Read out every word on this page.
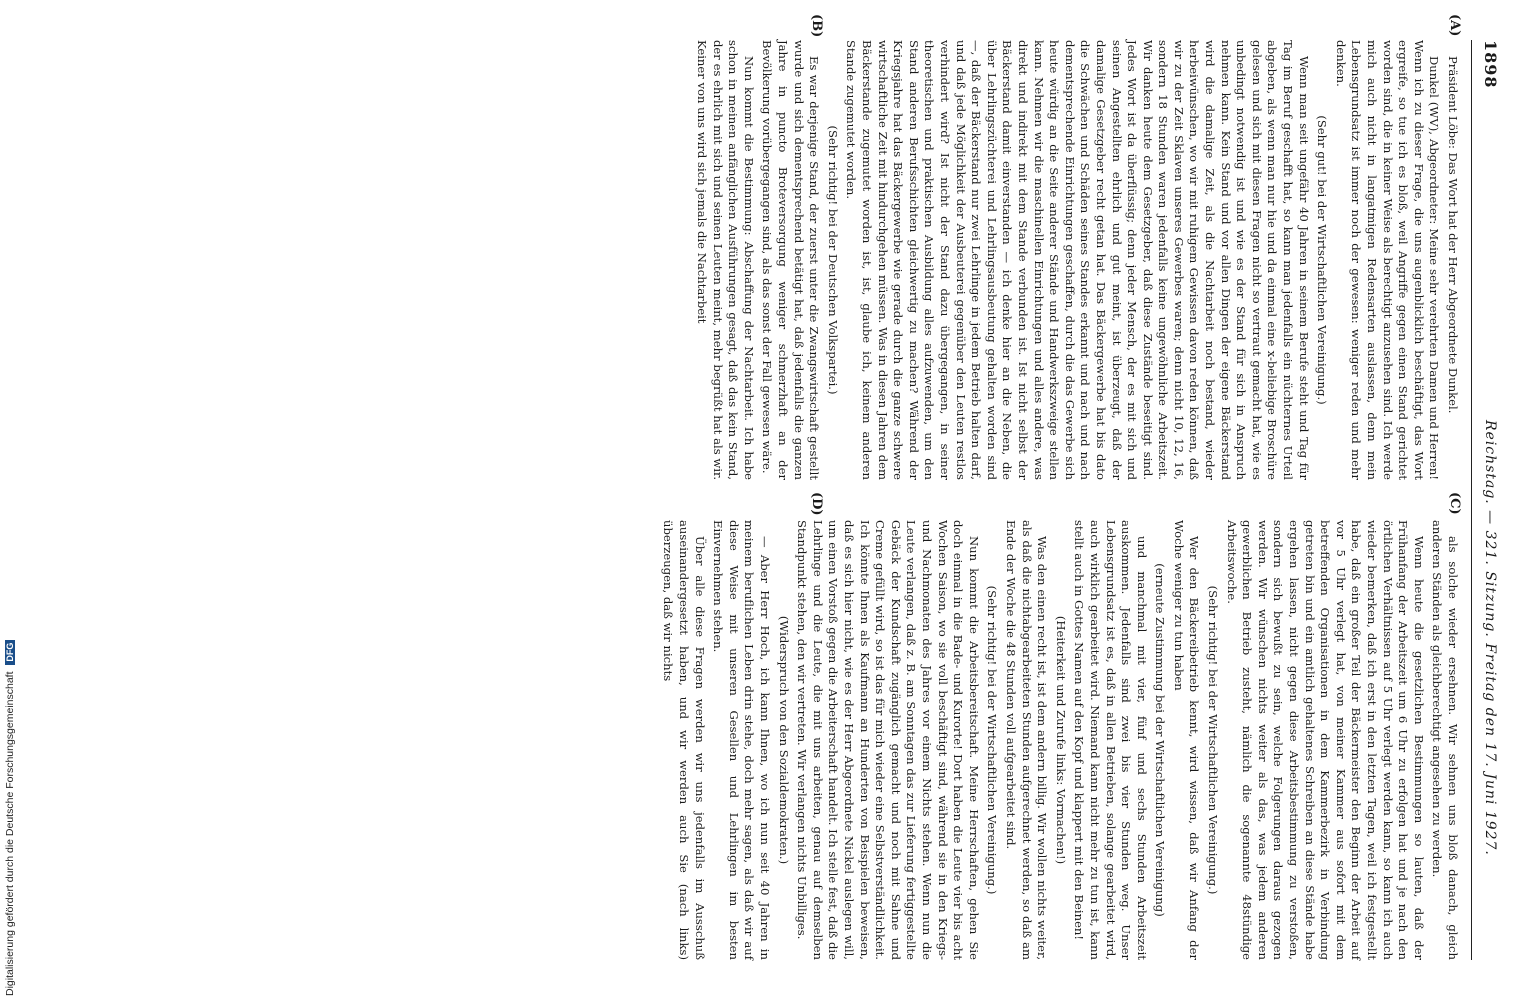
1898
Reichstag. — 321. Sitzung. Freitag den 17. Juni 1927.
(A)
(B)
(C)
(D)

Präsident Löbe: Das Wort hat der Herr Abgeordnete Dunkel.

Dunkel (WV), Abgeordneter: Meine sehr verehrten Damen und Herren! Wenn ich zu dieser Frage, die uns augenblicklich beschäftigt, das Wort ergreife, so tue ich es bloß, weil Angriffe gegen einen Stand gerichtet worden sind, die in keiner Weise als berechtigt anzusehen sind. Ich werde mich auch nicht in langatmigen Redensarten auslassen, denn mein Lebensgrundsatz ist immer noch der gewesen: weniger reden und mehr denken.

(Sehr gut! bei der Wirtschaftlichen Vereinigung.)

Wenn man seit ungefähr 40 Jahren in seinem Berufe steht und Tag für Tag im Beruf geschafft hat, so kann man jedenfalls ein nüchternes Urteil abgeben, als wenn man nur hie und da einmal eine x-beliebige Broschüre gelesen und sich mit diesen Fragen nicht so vertraut gemacht hat, wie es unbedingt notwendig ist und wie es der Stand für sich in Anspruch nehmen kann. Kein Stand und vor allen Dingen der eigene Bäckerstand wird die damalige Zeit, als die Nachtarbeit noch bestand, wieder herbeiwünschen, wo wir mit ruhigem Gewissen davon reden können, daß wir zu der Zeit Sklaven unseres Gewerbes waren; denn nicht 10, 12, 16, sondern 18 Stunden waren jedenfalls keine ungewöhnliche Arbeitszeit. Wir danken heute dem Gesetzgeber, daß diese Zustände beseitigt sind. Jedes Wort ist da überflüssig; denn jeder Mensch, der es mit sich und seinen Angestellten ehrlich und gut meint, ist überzeugt, daß der damalige Gesetzgeber recht getan hat. Das Bäckergewerbe hat bis dato die Schwächen und Schäden seines Standes erkannt und nach und nach dementsprechende Einrichtungen geschaffen, durch die das Gewerbe sich heute würdig an die Seite anderer Stände und Handwerkszweige stellen kann. Nehmen wir die maschinellen Einrichtungen und alles andere, was direkt und indirekt mit dem Stande verbunden ist. Ist nicht selbst der Bäckerstand damit einverstanden — ich denke hier an die Neben, die über Lehrlingszüchterei und Lehrlingsausbeutung gehalten worden sind —, daß der Bäckerstand nur zwei Lehrlinge in jedem Betrieb halten darf, und daß jede Möglichkeit der Ausbeuterei gegenüber den Leuten restlos verhindert wird? Ist nicht der Stand dazu übergegangen, in seiner theoretischen und praktischen Ausbildung alles aufzuwenden, um den Stand anderen Berufsschichten gleichwertig zu machen? Während der Kriegsjahre hat das Bäckergewerbe wie gerade durch die ganze schwere wirtschaftliche Zeit mit hindurchgehen müssen. Was in diesen Jahren dem Bäckerstande zugemutet worden ist, ist, glaube ich, keinem anderen Stande zugemutet worden.

(Sehr richtig! bei der Deutschen Volkspartei.)

Es war derjenige Stand, der zuerst unter die Zwangswirtschaft gestellt wurde und sich dementsprechend betätigt hat, daß jedenfalls die ganzen Jahre in puncto Broteversorgung weniger schmerzhaft an der Bevölkerung vorübergegangen sind, als das sonst der Fall gewesen wäre.

Nun kommt die Bestimmung: Abschaffung der Nachtarbeit. Ich habe schon in meinen anfänglichen Ausführungen gesagt, daß das kein Stand, der es ehrlich mit sich und seinen Leuten meint, mehr begrüßt hat als wir. Keiner von uns wird sich jemals die Nachtarbeit

als solche wieder ersehnen. Wir sehnen uns bloß danach, gleich anderen Ständen als gleichberechtigt angesehen zu werden.

Wenn heute die gesetzlichen Bestimmungen so lauten, daß der Frühanfang der Arbeitszeit um 6 Uhr zu erfolgen hat und je nach den örtlichen Verhältnissen auf 5 Uhr verlegt werden kann, so kann ich auch wieder bemerken, daß ich erst in den letzten Tagen, weil ich festgestellt habe, daß ein großer Teil der Bäckermeister den Beginn der Arbeit auf vor 5 Uhr verlegt hat, von meiner Kammer aus sofort mit dem betreffenden Organisationen in dem Kammerbezirk in Verbindung getreten bin und ein amtlich gehaltenes Schreiben an diese Stände habe ergehen lassen, nicht gegen diese Arbeitsbestimmung zu verstoßen, sondern sich bewußt zu sein, welche Folgerungen daraus gezogen werden. Wir wünschen nichts weiter als das, was jedem anderen gewerblichen Betrieb zusteht, nämlich die sogenannte 48stündige Arbeitswoche.

(Sehr richtig! bei der Wirtschaftlichen Vereinigung.)

Wer den Bäckereibetrieb kennt, wird wissen, daß wir Anfang der Woche weniger zu tun haben

(erneute Zustimmung bei der Wirtschaftlichen Vereinigung)

und manchmal mit vier, fünf und sechs Stunden Arbeitszeit auskommen. Jedenfalls sind zwei bis vier Stunden weg. Unser Lebensgrundsatz ist es, daß in allen Betrieben, solange gearbeitet wird, auch wirklich gearbeitet wird. Niemand kann nicht mehr zu tun ist, kann stellt auch in Gottes Namen auf den Kopf und klappert mit den Beinen!

(Heiterkeit und Zurufe links: Vormachen!)

Was den einen recht ist, ist dem andern billig. Wir wollen nichts weiter, als daß die nichtabgearbeiteten Stunden aufgerechnet werden, so daß am Ende der Woche die 48 Stunden voll aufgearbeitet sind.

(Sehr richtig! bei der Wirtschaftlichen Vereinigung.)

Nun kommt die Arbeitsbereitschaft. Meine Herrschaften, gehen Sie doch einmal in die Bade- und Kurorte! Dort haben die Leute vier bis acht Wochen Saison, wo sie voll beschäftigt sind, während sie in den Kriegs- und Nachmonaten des Jahres vor einem Nichts stehen. Wenn nun die Leute verlangen, daß z. B. am Sonntagen das zur Lieferung fertiggestellte Gebäck der Kundschaft zugänglich gemacht und noch mit Sahne und Creme gefüllt wird, so ist das für mich wieder eine Selbstverständlichkeit. Ich könnte Ihnen als Kaufmann an Hunderten von Beispielen beweisen, daß es sich hier nicht, wie es der Herr Abgeordnete Nickel auslegen will, um einen Vorstoß gegen die Arbeiterschaft handelt. Ich stelle fest, daß die Lehrlinge und die Leute, die mit uns arbeiten, genau auf demselben Standpunkt stehen, den wir vertreten. Wir verlangen nichts Unbilliges.

(Widerspruch von den Sozialdemokraten.)

— Aber Herr Hoch, ich kann Ihnen, wo ich nun seit 40 Jahren in meinem beruflichen Leben drin stehe, doch mehr sagen, als daß wir auf diese Weise mit unseren Gesellen und Lehrlingen im besten Einvernehmen stehen.

Über alle diese Fragen werden wir uns jedenfalls im Ausschuß auseinandergesetzt haben, und wir werden auch Sie (nach links) überzeugen, daß wir nichts

Digitalisierung gefördert durch die Deutsche Forschungsgemeinschaft DFG
